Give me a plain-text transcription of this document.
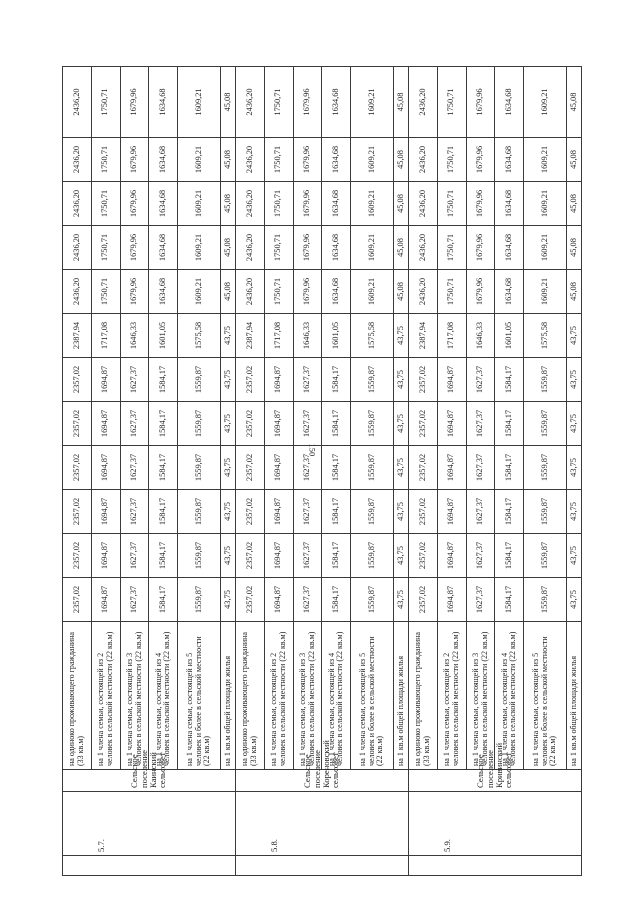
150
	5.7.	Сельское поселение Каинский сельсовет	на одиноко проживающего гражданина (33 кв.м)	2357,02	2357,02	2357,02	2357,02	2357,02	2357,02	2387,94	2436,20	2436,20	2436,20	2436,20	2436,20
			на 1 члена семьи, состоящей из 2 человек в сельской местности (22 кв.м)	1694,87	1694,87	1694,87	1694,87	1694,87	1694,87	1717,08	1750,71	1750,71	1750,71	1750,71	1750,71
			на 1 члена семьи, состоящей из 3 человек в сельской местности (22 кв.м)	1627,37	1627,37	1627,37	1627,37	1627,37	1627,37	1646,33	1679,96	1679,96	1679,96	1679,96	1679,96
			на 1 члена семьи, состоящей из 4 человек в сельской местности (22 кв.м)	1584,17	1584,17	1584,17	1584,17	1584,17	1584,17	1601,05	1634,68	1634,68	1634,68	1634,68	1634,68
			на 1 члена семьи, состоящей из 5 человек и более в сельской местности (22 кв.м)	1559,87	1559,87	1559,87	1559,87	1559,87	1559,87	1575,58	1609,21	1609,21	1609,21	1609,21	1609,21
			на 1 кв.м общей площади жилья	43,75	43,75	43,75	43,75	43,75	43,75	43,75	45,08	45,08	45,08	45,08	45,08
	5.8.	Сельское поселение Кореновский сельсовет	на одиноко проживающего гражданина (33 кв.м)	2357,02	2357,02	2357,02	2357,02	2357,02	2357,02	2387,94	2436,20	2436,20	2436,20	2436,20	2436,20
			на 1 члена семьи, состоящей из 2 человек в сельской местности (22 кв.м)	1694,87	1694,87	1694,87	1694,87	1694,87	1694,87	1717,08	1750,71	1750,71	1750,71	1750,71	1750,71
			на 1 члена семьи, состоящей из 3 человек в сельской местности (22 кв.м)	1627,37	1627,37	1627,37	1627,37	1627,37	1627,37	1646,33	1679,96	1679,96	1679,96	1679,96	1679,96
			на 1 члена семьи, состоящей из 4 человек в сельской местности (22 кв.м)	1584,17	1584,17	1584,17	1584,17	1584,17	1584,17	1601,05	1634,68	1634,68	1634,68	1634,68	1634,68
			на 1 члена семьи, состоящей из 5 человек и более в сельской местности (22 кв.м)	1559,87	1559,87	1559,87	1559,87	1559,87	1559,87	1575,58	1609,21	1609,21	1609,21	1609,21	1609,21
			на 1 кв.м общей площади жилья	43,75	43,75	43,75	43,75	43,75	43,75	43,75	45,08	45,08	45,08	45,08	45,08
	5.9.	Сельское поселение Кривинский сельсовет	на одиноко проживающего гражданина (33 кв.м)	2357,02	2357,02	2357,02	2357,02	2357,02	2357,02	2387,94	2436,20	2436,20	2436,20	2436,20	2436,20
			на 1 члена семьи, состоящей из 2 человек в сельской местности (22 кв.м)	1694,87	1694,87	1694,87	1694,87	1694,87	1694,87	1717,08	1750,71	1750,71	1750,71	1750,71	1750,71
			на 1 члена семьи, состоящей из 3 человек в сельской местности (22 кв.м)	1627,37	1627,37	1627,37	1627,37	1627,37	1627,37	1646,33	1679,96	1679,96	1679,96	1679,96	1679,96
			на 1 члена семьи, состоящей из 4 человек в сельской местности (22 кв.м)	1584,17	1584,17	1584,17	1584,17	1584,17	1584,17	1601,05	1634,68	1634,68	1634,68	1634,68	1634,68
			на 1 члена семьи, состоящей из 5 человек и более в сельской местности (22 кв.м)	1559,87	1559,87	1559,87	1559,87	1559,87	1559,87	1575,58	1609,21	1609,21	1609,21	1609,21	1609,21
			на 1 кв.м общей площади жилья	43,75	43,75	43,75	43,75	43,75	43,75	43,75	45,08	45,08	45,08	45,08	45,08
